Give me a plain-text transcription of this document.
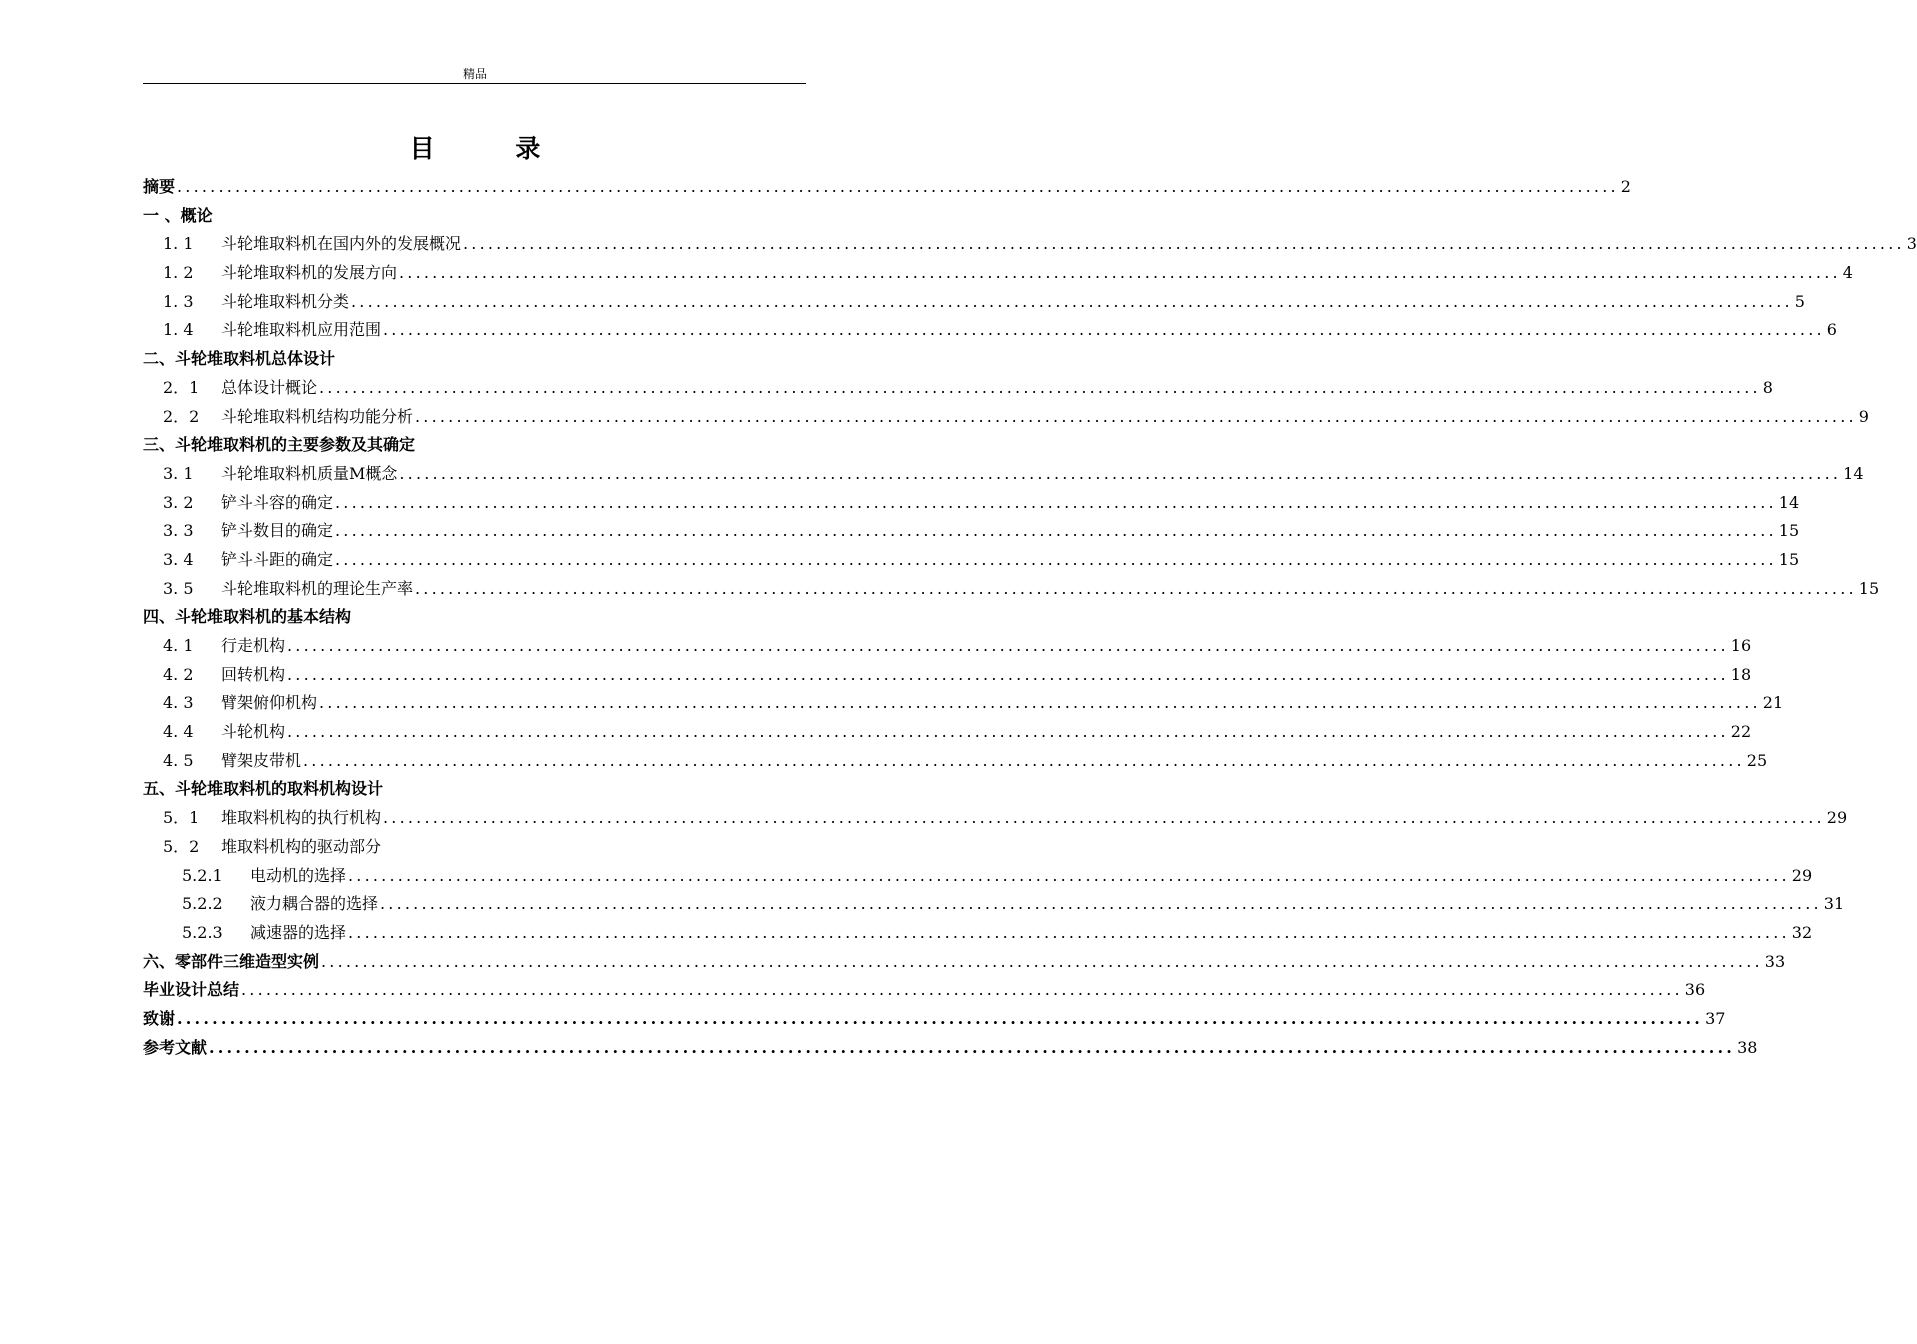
精品
目 录
摘要 .............................................................................................................................................................................. 2
一 、概论
1. 1	斗轮堆取料机在国内外的发展概况 .............................................................................................................................................................................. 3
1. 2	斗轮堆取料机的发展方向 .............................................................................................................................................................................. 4
1. 3	斗轮堆取料机分类 .............................................................................................................................................................................. 5
1. 4	斗轮堆取料机应用范围 .............................................................................................................................................................................. 6
二、斗轮堆取料机总体设计
2．1	总体设计概论 .............................................................................................................................................................................. 8
2．2	斗轮堆取料机结构功能分析 .............................................................................................................................................................................. 9
三、斗轮堆取料机的主要参数及其确定
3. 1	斗轮堆取料机质量M概念 .............................................................................................................................................................................. 14
3. 2	铲斗斗容的确定 .............................................................................................................................................................................. 14
3. 3	铲斗数目的确定 .............................................................................................................................................................................. 15
3. 4	铲斗斗距的确定 .............................................................................................................................................................................. 15
3. 5	斗轮堆取料机的理论生产率 .............................................................................................................................................................................. 15
四、斗轮堆取料机的基本结构
4. 1	行走机构 .............................................................................................................................................................................. 16
4. 2	回转机构 .............................................................................................................................................................................. 18
4. 3	臂架俯仰机构 .............................................................................................................................................................................. 21
4. 4	斗轮机构 .............................................................................................................................................................................. 22
4. 5	臂架皮带机 .............................................................................................................................................................................. 25
五、斗轮堆取料机的取料机构设计
5．1	堆取料机构的执行机构 .............................................................................................................................................................................. 29
5．2	堆取料机构的驱动部分
5.2.1	电动机的选择 .............................................................................................................................................................................. 29
5.2.2	液力耦合器的选择 .............................................................................................................................................................................. 31
5.2.3	减速器的选择 .............................................................................................................................................................................. 32
六、零部件三维造型实例 .............................................................................................................................................................................. 33
毕业设计总结 .............................................................................................................................................................................. 36
致谢 .............................................................................................................................................................................. 37
参考文献 .............................................................................................................................................................................. 38
